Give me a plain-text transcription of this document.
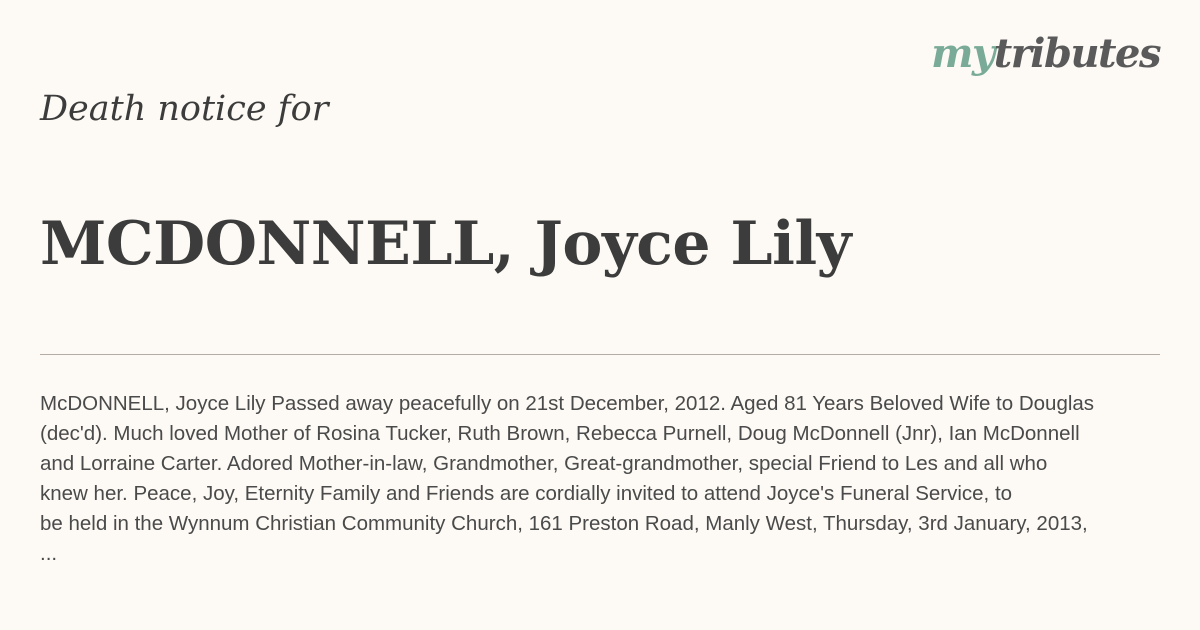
mytributes
Death notice for
MCDONNELL, Joyce Lily

McDONNELL, Joyce Lily Passed away peacefully on 21st December, 2012. Aged 81 Years Beloved Wife to Douglas
(dec'd). Much loved Mother of Rosina Tucker, Ruth Brown, Rebecca Purnell, Doug McDonnell (Jnr), Ian McDonnell
and Lorraine Carter. Adored Mother-in-law, Grandmother, Great-grandmother, special Friend to Les and all who
knew her. Peace, Joy, Eternity Family and Friends are cordially invited to attend Joyce's Funeral Service, to
be held in the Wynnum Christian Community Church, 161 Preston Road, Manly West, Thursday, 3rd January, 2013,
...
